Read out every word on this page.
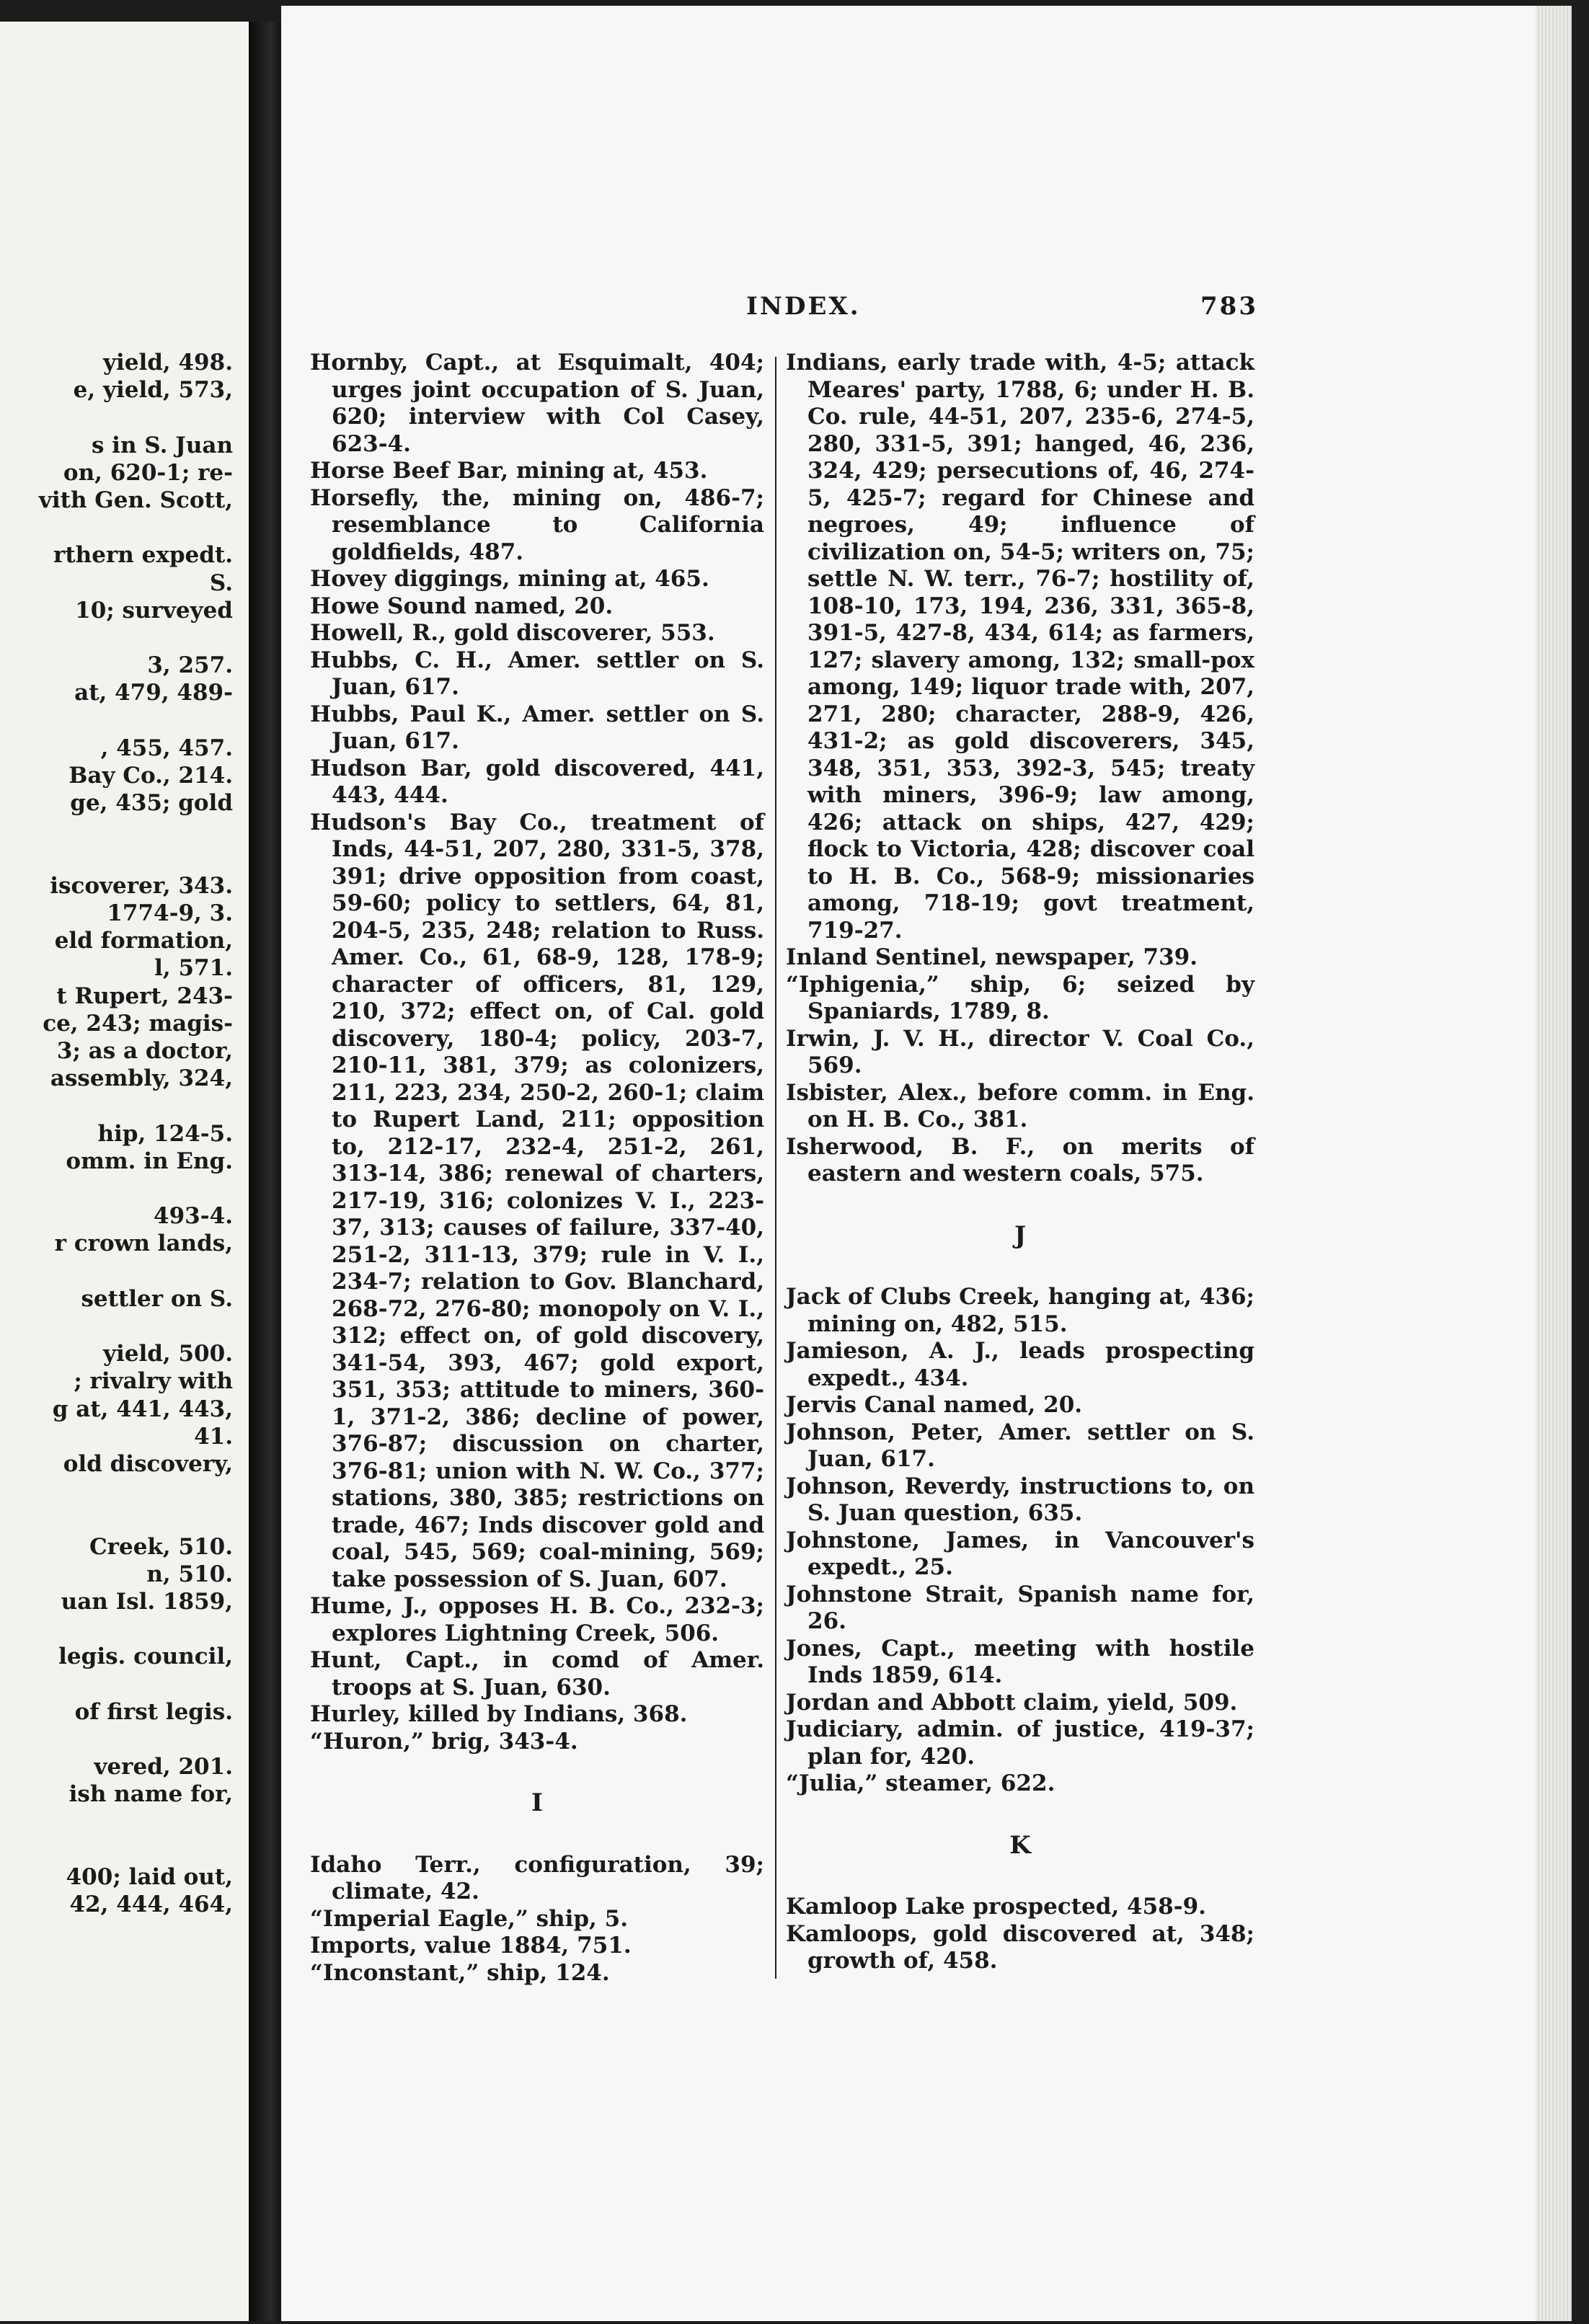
yield, 498.
e, yield, 573,
s in S. Juan
on, 620-1; re-
vith Gen. Scott,
rthern expedt.
S.
10; surveyed
3, 257.
at, 479, 489-
, 455, 457.
Bay Co., 214.
ge, 435; gold
iscoverer, 343.
1774-9, 3.
eld formation,
l, 571.
t Rupert, 243-
ce, 243; magis-
3; as a doctor,
assembly, 324,
hip, 124-5.
omm. in Eng.
493-4.
r crown lands,
settler on S.
yield, 500.
; rivalry with
g at, 441, 443,
41.
old discovery,
Creek, 510.
n, 510.
uan Isl. 1859,
legis. council,
of first legis.
vered, 201.
ish name for,
400; laid out,
42, 444, 464,
INDEX.	783

Hornby, Capt., at Esquimalt, 404; urges joint occupation of S. Juan, 620; interview with Col Casey, 623-4.

Horse Beef Bar, mining at, 453.

Horsefly, the, mining on, 486-7; resemblance to California goldfields, 487.

Hovey diggings, mining at, 465.

Howe Sound named, 20.

Howell, R., gold discoverer, 553.

Hubbs, C. H., Amer. settler on S. Juan, 617.

Hubbs, Paul K., Amer. settler on S. Juan, 617.

Hudson Bar, gold discovered, 441, 443, 444.

Hudson's Bay Co., treatment of Inds, 44-51, 207, 280, 331-5, 378, 391; drive opposition from coast, 59-60; policy to settlers, 64, 81, 204-5, 235, 248; relation to Russ. Amer. Co., 61, 68-9, 128, 178-9; character of officers, 81, 129, 210, 372; effect on, of Cal. gold discovery, 180-4; policy, 203-7, 210-11, 381, 379; as colonizers, 211, 223, 234, 250-2, 260-1; claim to Rupert Land, 211; opposition to, 212-17, 232-4, 251-2, 261, 313-14, 386; renewal of charters, 217-19, 316; colonizes V. I., 223-37, 313; causes of failure, 337-40, 251-2, 311-13, 379; rule in V. I., 234-7; relation to Gov. Blanchard, 268-72, 276-80; monopoly on V. I., 312; effect on, of gold discovery, 341-54, 393, 467; gold export, 351, 353; attitude to miners, 360-1, 371-2, 386; decline of power, 376-87; discussion on charter, 376-81; union with N. W. Co., 377; stations, 380, 385; restrictions on trade, 467; Inds discover gold and coal, 545, 569; coal-mining, 569; take possession of S. Juan, 607.

Hume, J., opposes H. B. Co., 232-3; explores Lightning Creek, 506.

Hunt, Capt., in comd of Amer. troops at S. Juan, 630.

Hurley, killed by Indians, 368.

“Huron,” brig, 343-4.

I

Idaho Terr., configuration, 39; climate, 42.

“Imperial Eagle,” ship, 5.

Imports, value 1884, 751.

“Inconstant,” ship, 124.

Indians, early trade with, 4-5; attack Meares' party, 1788, 6; under H. B. Co. rule, 44-51, 207, 235-6, 274-5, 280, 331-5, 391; hanged, 46, 236, 324, 429; persecutions of, 46, 274-5, 425-7; regard for Chinese and negroes, 49; influence of civilization on, 54-5; writers on, 75; settle N. W. terr., 76-7; hostility of, 108-10, 173, 194, 236, 331, 365-8, 391-5, 427-8, 434, 614; as farmers, 127; slavery among, 132; small-pox among, 149; liquor trade with, 207, 271, 280; character, 288-9, 426, 431-2; as gold discoverers, 345, 348, 351, 353, 392-3, 545; treaty with miners, 396-9; law among, 426; attack on ships, 427, 429; flock to Victoria, 428; discover coal to H. B. Co., 568-9; missionaries among, 718-19; govt treatment, 719-27.

Inland Sentinel, newspaper, 739.

“Iphigenia,” ship, 6; seized by Spaniards, 1789, 8.

Irwin, J. V. H., director V. Coal Co., 569.

Isbister, Alex., before comm. in Eng. on H. B. Co., 381.

Isherwood, B. F., on merits of eastern and western coals, 575.

J

Jack of Clubs Creek, hanging at, 436; mining on, 482, 515.

Jamieson, A. J., leads prospecting expedt., 434.

Jervis Canal named, 20.

Johnson, Peter, Amer. settler on S. Juan, 617.

Johnson, Reverdy, instructions to, on S. Juan question, 635.

Johnstone, James, in Vancouver's expedt., 25.

Johnstone Strait, Spanish name for, 26.

Jones, Capt., meeting with hostile Inds 1859, 614.

Jordan and Abbott claim, yield, 509.

Judiciary, admin. of justice, 419-37; plan for, 420.

“Julia,” steamer, 622.

K

Kamloop Lake prospected, 458-9.

Kamloops, gold discovered at, 348; growth of, 458.
